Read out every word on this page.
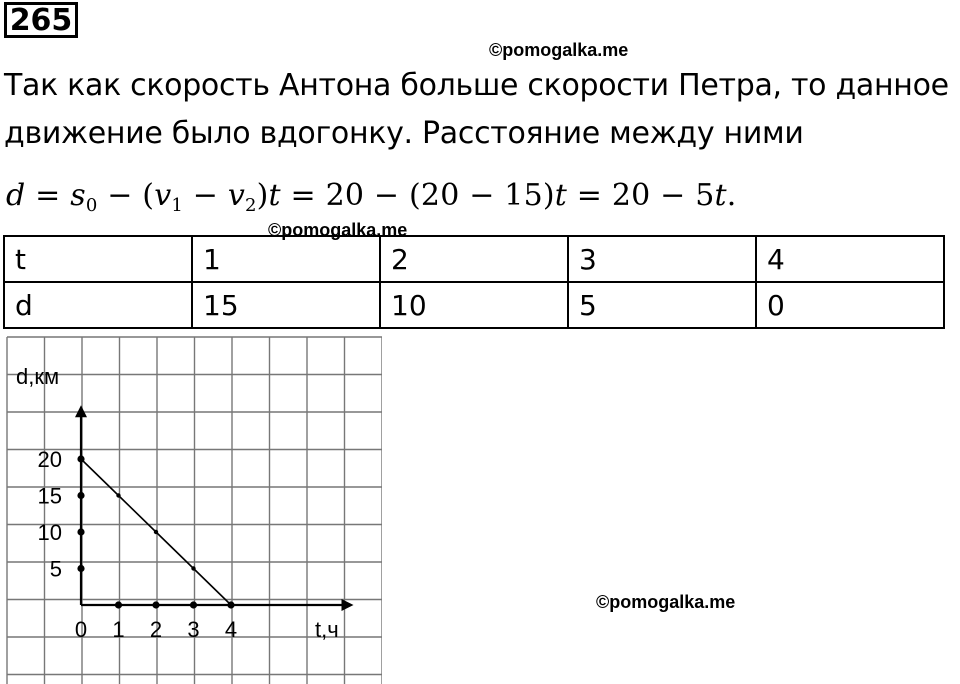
265
©pomogalka.me
©pomogalka.me
©pomogalka.me
Так как скорость Антона больше скорости Петра, то данное
движение было вдогонку. Расстояние между ними
$d = s_0 - (v_1 - v_2)t = 20 - (20 - 15)t = 20 - 5t$.
t	1	2	3	4
d	15	10	5	0
d,км
t,ч
0 1 2 3 4
5
10
15
20
